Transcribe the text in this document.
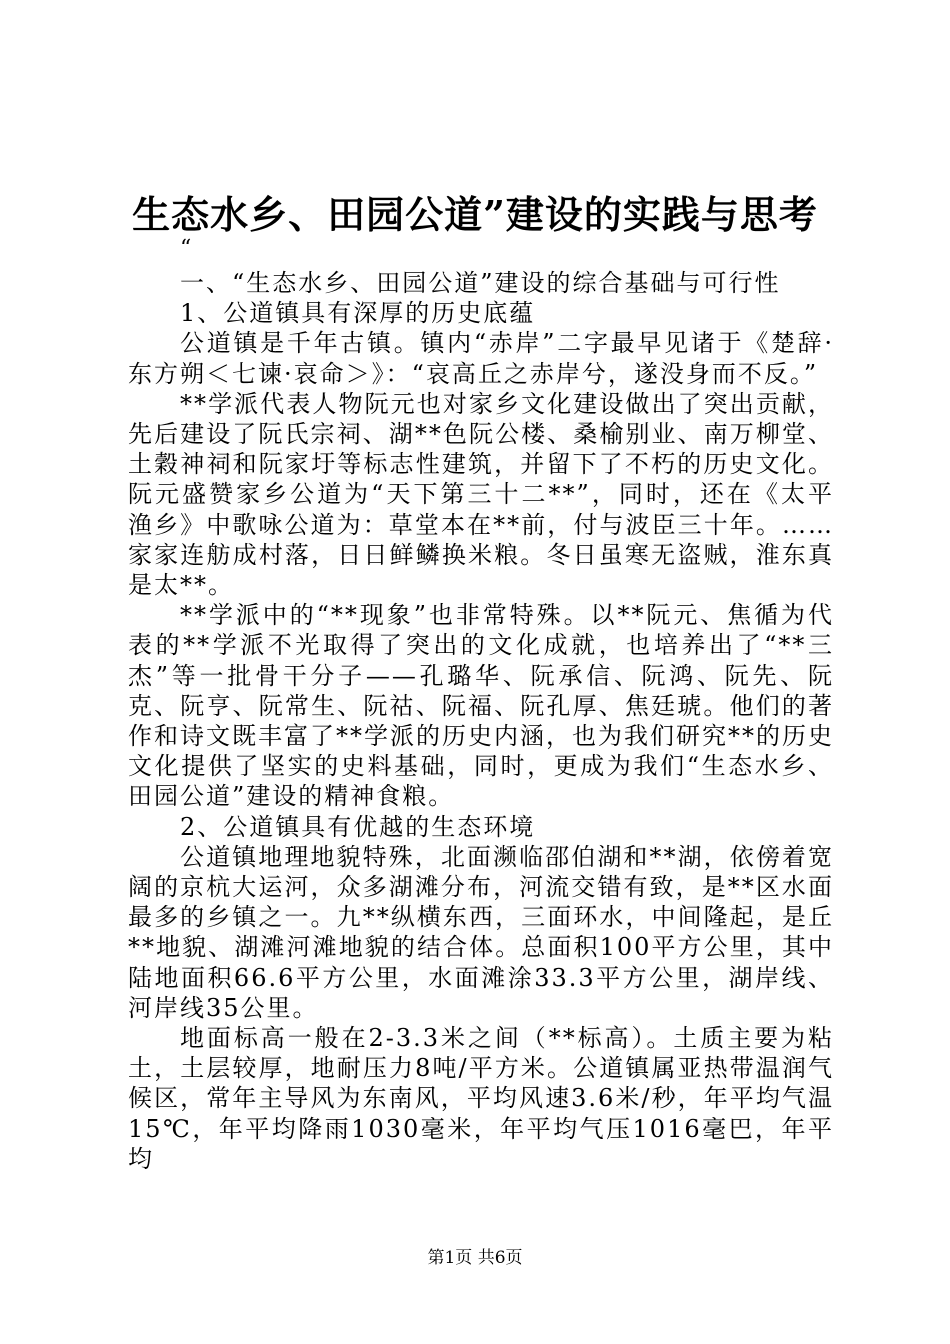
生态水乡、田园公道”建设的实践与思考
“

一、“生态水乡、田园公道”建设的综合基础与可行性

1、公道镇具有深厚的历史底蕴

公道镇是千年古镇。镇内“赤岸”二字最早见诸于《楚辞·东方朔＜七谏·哀命＞》：“哀高丘之赤岸兮，遂没身而不反。”

**学派代表人物阮元也对家乡文化建设做出了突出贡献，先后建设了阮氏宗祠、湖**色阮公楼、桑榆别业、南万柳堂、土穀神祠和阮家圩等标志性建筑，并留下了不朽的历史文化。阮元盛赞家乡公道为“天下第三十二**”，同时，还在《太平渔乡》中歌咏公道为：草堂本在**前，付与波臣三十年。……家家连舫成村落，日日鲜鳞换米粮。冬日虽寒无盗贼，淮东真是太**。

**学派中的“**现象”也非常特殊。以**阮元、焦循为代表的**学派不光取得了突出的文化成就，也培养出了“**三杰”等一批骨干分子——孔璐华、阮承信、阮鸿、阮先、阮克、阮亨、阮常生、阮祜、阮福、阮孔厚、焦廷琥。他们的著作和诗文既丰富了**学派的历史内涵，也为我们研究**的历史文化提供了坚实的史料基础，同时，更成为我们“生态水乡、田园公道”建设的精神食粮。

2、公道镇具有优越的生态环境

公道镇地理地貌特殊，北面濒临邵伯湖和**湖，依傍着宽阔的京杭大运河，众多湖滩分布，河流交错有致，是**区水面最多的乡镇之一。九**纵横东西，三面环水，中间隆起，是丘**地貌、湖滩河滩地貌的结合体。总面积100平方公里，其中陆地面积66.6平方公里，水面滩涂33.3平方公里，湖岸线、河岸线35公里。

地面标高一般在2-3.3米之间（**标高）。土质主要为粘土，土层较厚，地耐压力8吨/平方米。公道镇属亚热带温润气候区，常年主导风为东南风，平均风速3.6米/秒，年平均气温15℃，年平均降雨1030毫米，年平均气压1016毫巴，年平均

第1页 共6页
